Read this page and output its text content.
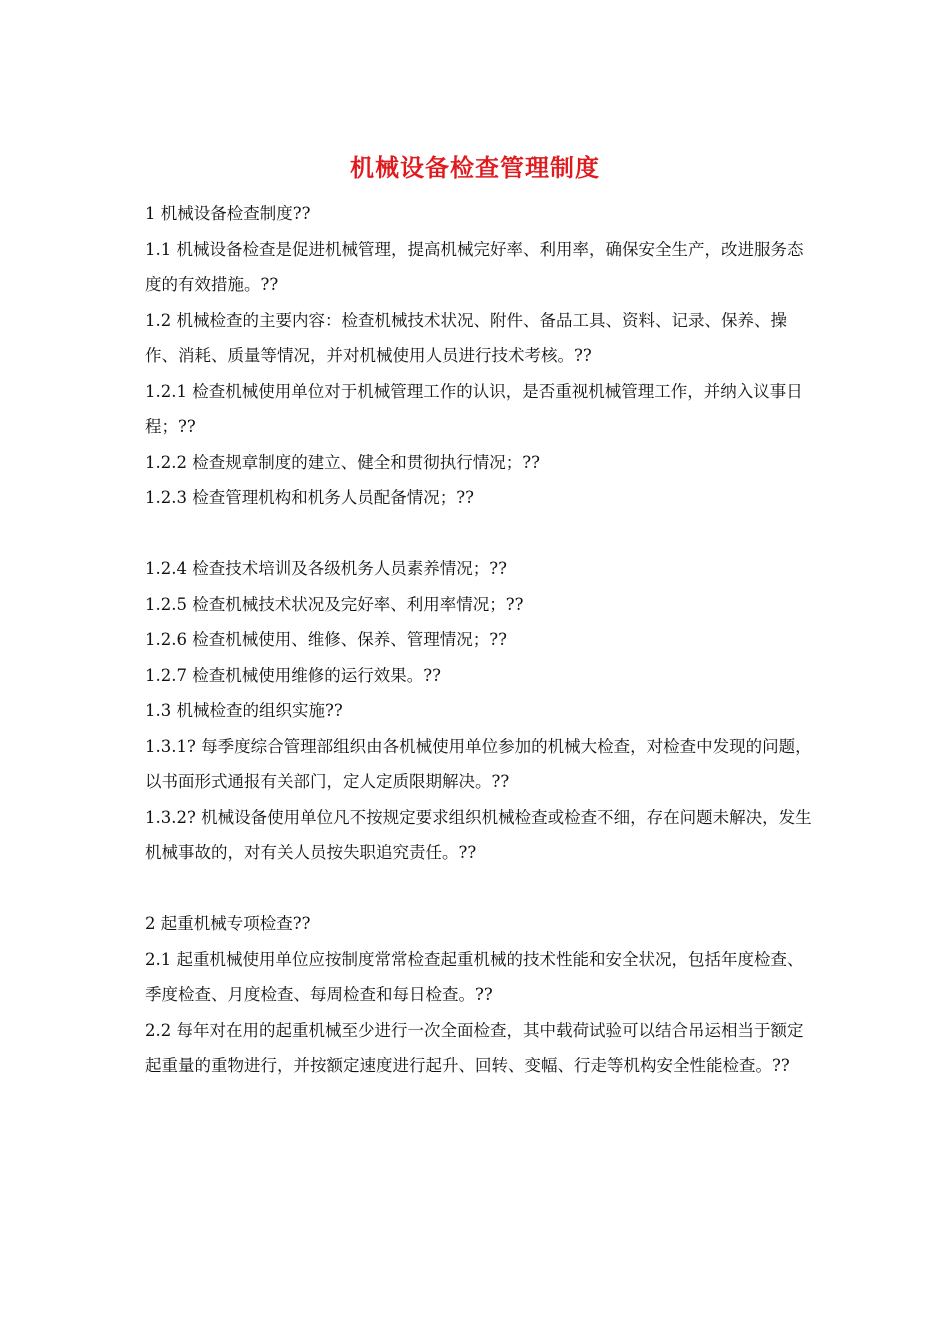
机械设备检查管理制度

1 机械设备检查制度??

1.1 机械设备检查是促进机械管理，提高机械完好率、利用率，确保安全生产，改进服务态度的有效措施。??

1.2 机械检查的主要内容：检查机械技术状况、附件、备品工具、资料、记录、保养、操作、消耗、质量等情况，并对机械使用人员进行技术考核。??

1.2.1 检查机械使用单位对于机械管理工作的认识，是否重视机械管理工作，并纳入议事日程；??

1.2.2 检查规章制度的建立、健全和贯彻执行情况；??

1.2.3 检查管理机构和机务人员配备情况；??

1.2.4 检查技术培训及各级机务人员素养情况；??

1.2.5 检查机械技术状况及完好率、利用率情况；??

1.2.6 检查机械使用、维修、保养、管理情况；??

1.2.7 检查机械使用维修的运行效果。??

1.3 机械检查的组织实施??

1.3.1? 每季度综合管理部组织由各机械使用单位参加的机械大检查，对检查中发现的问题，以书面形式通报有关部门，定人定质限期解决。??

1.3.2? 机械设备使用单位凡不按规定要求组织机械检查或检查不细，存在问题未解决，发生机械事故的，对有关人员按失职追究责任。??

2 起重机械专项检查??

2.1 起重机械使用单位应按制度常常检查起重机械的技术性能和安全状况，包括年度检查、季度检查、月度检查、每周检查和每日检查。??

2.2 每年对在用的起重机械至少进行一次全面检查，其中载荷试验可以结合吊运相当于额定起重量的重物进行，并按额定速度进行起升、回转、变幅、行走等机构安全性能检查。??
